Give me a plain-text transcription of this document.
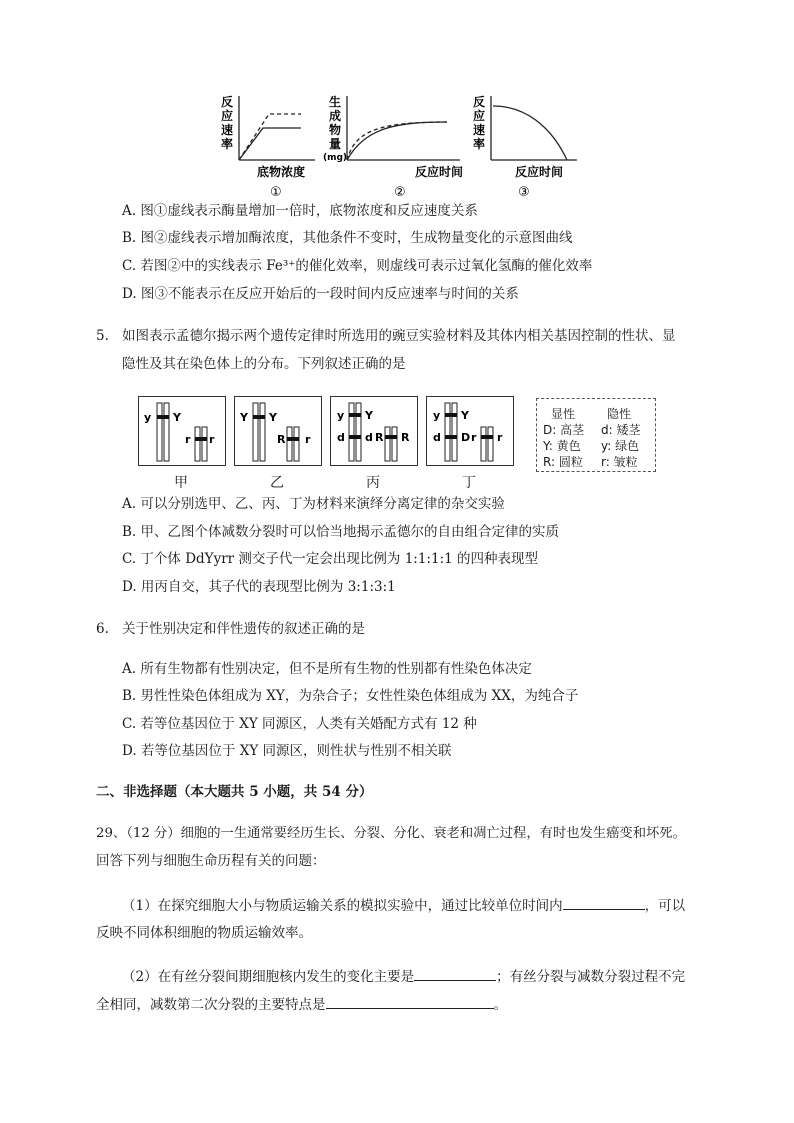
反
应
速
率
底物浓度
①
生
成
物
量
(mg)
反应时间
②
反
应
速
率
反应时间
③
A. 图①虚线表示酶量增加一倍时，底物浓度和反应速度关系
B. 图②虚线表示增加酶浓度，其他条件不变时，生成物量变化的示意图曲线
C. 若图②中的实线表示 Fe³⁺的催化效率，则虚线可表示过氧化氢酶的催化效率
D. 图③不能表示在反应开始后的一段时间内反应速率与时间的关系
5. 如图表示孟德尔揭示两个遗传定律时所选用的豌豆实验材料及其体内相关基因控制的性状、显
隐性及其在染色体上的分布。下列叙述正确的是
y Y
r r
甲
Y Y
R r
乙
y Y
d d R R
丙
y Y
d D r r
丁
显性	隐性
D: 高茎 d: 矮茎
Y: 黄色 y: 绿色
R: 圆粒 r: 皱粒
A. 可以分别选甲、乙、丙、丁为材料来演绎分离定律的杂交实验
B. 甲、乙图个体减数分裂时可以恰当地揭示孟德尔的自由组合定律的实质
C. 丁个体 DdYyrr 测交子代一定会出现比例为 1:1:1:1 的四种表现型
D. 用丙自交，其子代的表现型比例为 3:1:3:1
6. 关于性别决定和伴性遗传的叙述正确的是
A. 所有生物都有性别决定，但不是所有生物的性别都有性染色体决定
B. 男性性染色体组成为 XY，为杂合子；女性性染色体组成为 XX，为纯合子
C. 若等位基因位于 XY 同源区，人类有关婚配方式有 12 种
D. 若等位基因位于 XY 同源区，则性状与性别不相关联
二、非选择题（本大题共 5 小题，共 54 分）
29、（12 分）细胞的一生通常要经历生长、分裂、分化、衰老和凋亡过程，有时也发生癌变和坏死。
回答下列与细胞生命历程有关的问题：
（1）在探究细胞大小与物质运输关系的模拟实验中，通过比较单位时间内	，可以
反映不同体积细胞的物质运输效率。
（2）在有丝分裂间期细胞核内发生的变化主要是	；有丝分裂与减数分裂过程不完
全相同，减数第二次分裂的主要特点是	。
